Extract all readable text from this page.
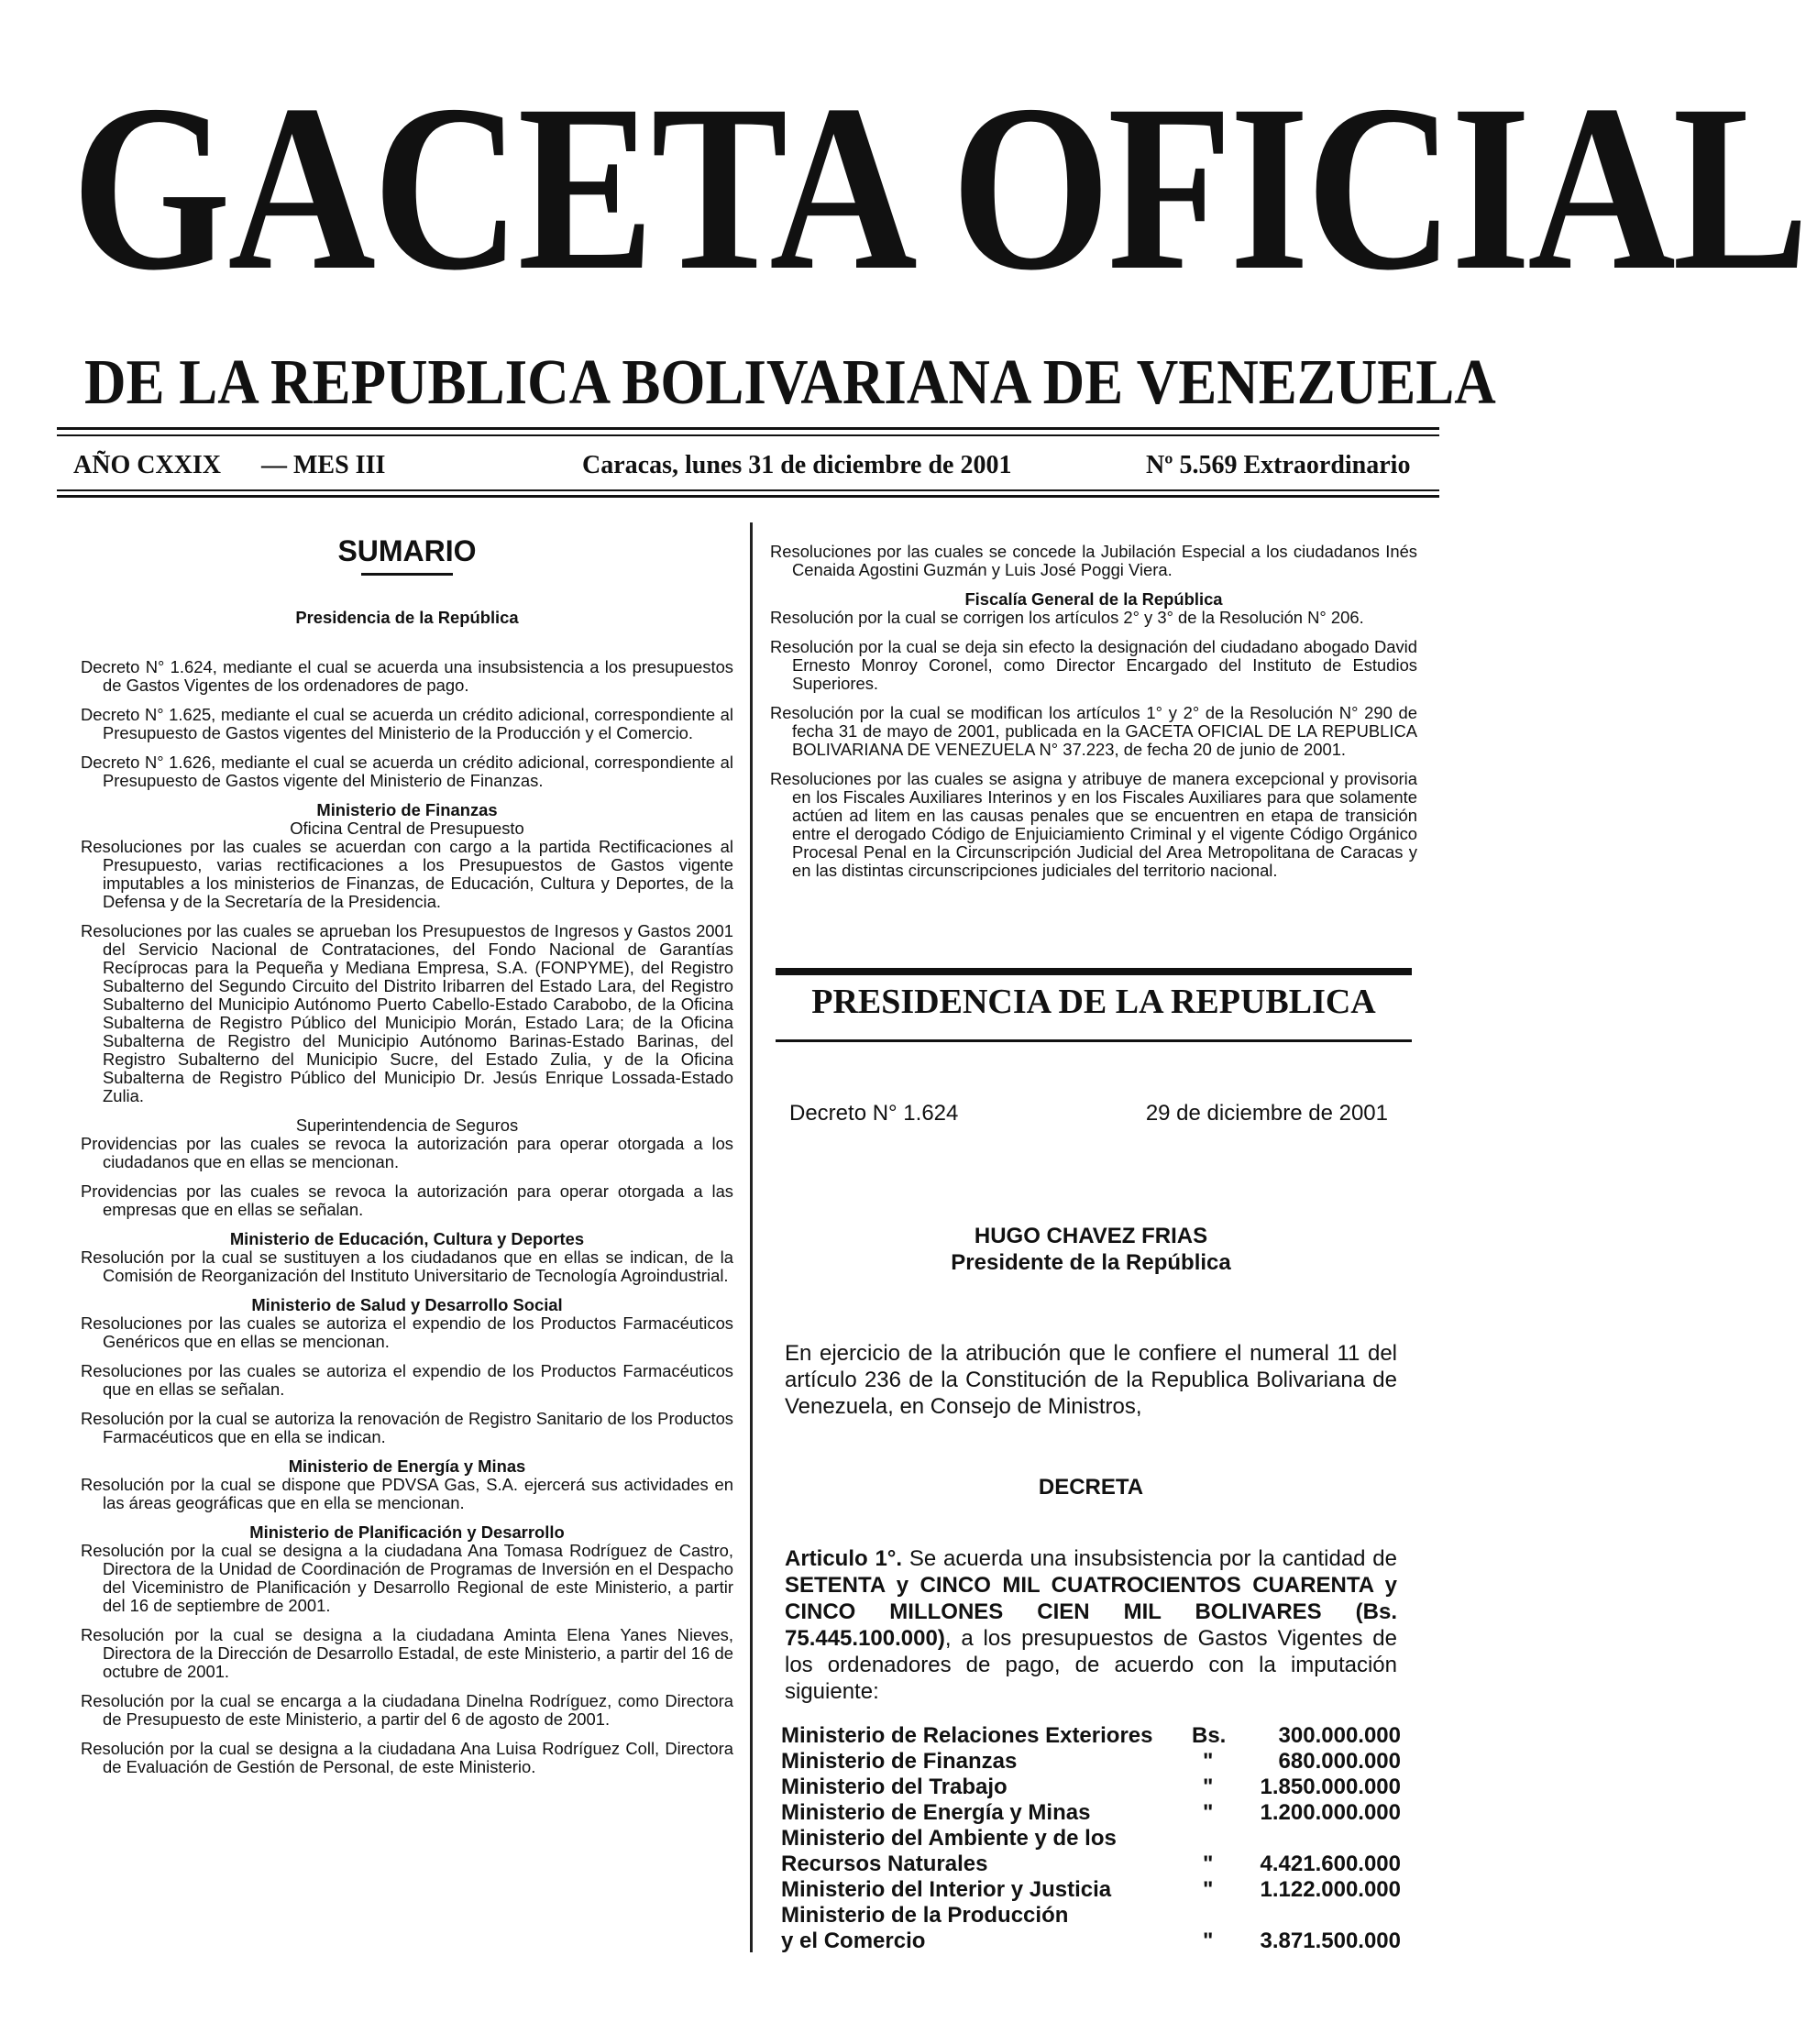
GACETA OFICIAL

DE LA REPUBLICA BOLIVARIANA DE VENEZUELA

AÑO CXXIX — MES III	Caracas, lunes 31 de diciembre de 2001	Nº 5.569 Extraordinario
SUMARIO
Presidencia de la República

Decreto N° 1.624, mediante el cual se acuerda una insubsistencia a los presupuestos de Gastos Vigentes de los ordenadores de pago.

Decreto N° 1.625, mediante el cual se acuerda un crédito adicional, correspondiente al Presupuesto de Gastos vigentes del Ministerio de la Producción y el Comercio.

Decreto N° 1.626, mediante el cual se acuerda un crédito adicional, correspondiente al Presupuesto de Gastos vigente del Ministerio de Finanzas.

Ministerio de Finanzas
Oficina Central de Presupuesto

Resoluciones por las cuales se acuerdan con cargo a la partida Rectificaciones al Presupuesto, varias rectificaciones a los Presupuestos de Gastos vigente imputables a los ministerios de Finanzas, de Educación, Cultura y Deportes, de la Defensa y de la Secretaría de la Presidencia.

Resoluciones por las cuales se aprueban los Presupuestos de Ingresos y Gastos 2001 del Servicio Nacional de Contrataciones, del Fondo Nacional de Garantías Recíprocas para la Pequeña y Mediana Empresa, S.A. (FONPYME), del Registro Subalterno del Segundo Circuito del Distrito Iribarren del Estado Lara, del Registro Subalterno del Municipio Autónomo Puerto Cabello-Estado Carabobo, de la Oficina Subalterna de Registro Público del Municipio Morán, Estado Lara; de la Oficina Subalterna de Registro del Municipio Autónomo Barinas-Estado Barinas, del Registro Subalterno del Municipio Sucre, del Estado Zulia, y de la Oficina Subalterna de Registro Público del Municipio Dr. Jesús Enrique Lossada-Estado Zulia.

Superintendencia de Seguros

Providencias por las cuales se revoca la autorización para operar otorgada a los ciudadanos que en ellas se mencionan.

Providencias por las cuales se revoca la autorización para operar otorgada a las empresas que en ellas se señalan.

Ministerio de Educación, Cultura y Deportes

Resolución por la cual se sustituyen a los ciudadanos que en ellas se indican, de la Comisión de Reorganización del Instituto Universitario de Tecnología Agroindustrial.

Ministerio de Salud y Desarrollo Social

Resoluciones por las cuales se autoriza el expendio de los Productos Farmacéuticos Genéricos que en ellas se mencionan.

Resoluciones por las cuales se autoriza el expendio de los Productos Farmacéuticos que en ellas se señalan.

Resolución por la cual se autoriza la renovación de Registro Sanitario de los Productos Farmacéuticos que en ella se indican.

Ministerio de Energía y Minas

Resolución por la cual se dispone que PDVSA Gas, S.A. ejercerá sus actividades en las áreas geográficas que en ella se mencionan.

Ministerio de Planificación y Desarrollo

Resolución por la cual se designa a la ciudadana Ana Tomasa Rodríguez de Castro, Directora de la Unidad de Coordinación de Programas de Inversión en el Despacho del Viceministro de Planificación y Desarrollo Regional de este Ministerio, a partir del 16 de septiembre de 2001.

Resolución por la cual se designa a la ciudadana Aminta Elena Yanes Nieves, Directora de la Dirección de Desarrollo Estadal, de este Ministerio, a partir del 16 de octubre de 2001.

Resolución por la cual se encarga a la ciudadana Dinelna Rodríguez, como Directora de Presupuesto de este Ministerio, a partir del 6 de agosto de 2001.

Resolución por la cual se designa a la ciudadana Ana Luisa Rodríguez Coll, Directora de Evaluación de Gestión de Personal, de este Ministerio.

Resoluciones por las cuales se concede la Jubilación Especial a los ciudadanos Inés Cenaida Agostini Guzmán y Luis José Poggi Viera.

Fiscalía General de la República

Resolución por la cual se corrigen los artículos 2° y 3° de la Resolución N° 206.

Resolución por la cual se deja sin efecto la designación del ciudadano abogado David Ernesto Monroy Coronel, como Director Encargado del Instituto de Estudios Superiores.

Resolución por la cual se modifican los artículos 1° y 2° de la Resolución N° 290 de fecha 31 de mayo de 2001, publicada en la GACETA OFICIAL DE LA REPUBLICA BOLIVARIANA DE VENEZUELA N° 37.223, de fecha 20 de junio de 2001.

Resoluciones por las cuales se asigna y atribuye de manera excepcional y provisoria en los Fiscales Auxiliares Interinos y en los Fiscales Auxiliares para que solamente actúen ad litem en las causas penales que se encuentren en etapa de transición entre el derogado Código de Enjuiciamiento Criminal y el vigente Código Orgánico Procesal Penal en la Circunscripción Judicial del Area Metropolitana de Caracas y en las distintas circunscripciones judiciales del territorio nacional.

PRESIDENCIA DE LA REPUBLICA
Decreto N° 1.624	29 de diciembre de 2001

HUGO CHAVEZ FRIAS

Presidente de la República

En ejercicio de la atribución que le confiere el numeral 11 del artículo 236 de la Constitución de la Republica Bolivariana de Venezuela, en Consejo de Ministros,

DECRETA

Articulo 1°. Se acuerda una insubsistencia por la cantidad de SETENTA y CINCO MIL CUATROCIENTOS CUARENTA y CINCO MILLONES CIEN MIL BOLIVARES (Bs. 75.445.100.000), a los presupuestos de Gastos Vigentes de los ordenadores de pago, de acuerdo con la imputación siguiente:

Ministerio de Relaciones Exteriores Bs. 300.000.000
Ministerio de Finanzas	"	680.000.000
Ministerio del Trabajo	"	1.850.000.000
Ministerio de Energía y Minas	"	1.200.000.000
Ministerio del Ambiente y de los
Recursos Naturales	"	4.421.600.000
Ministerio del Interior y Justicia	"	1.122.000.000
Ministerio de la Producción
y el Comercio	"	3.871.500.000
